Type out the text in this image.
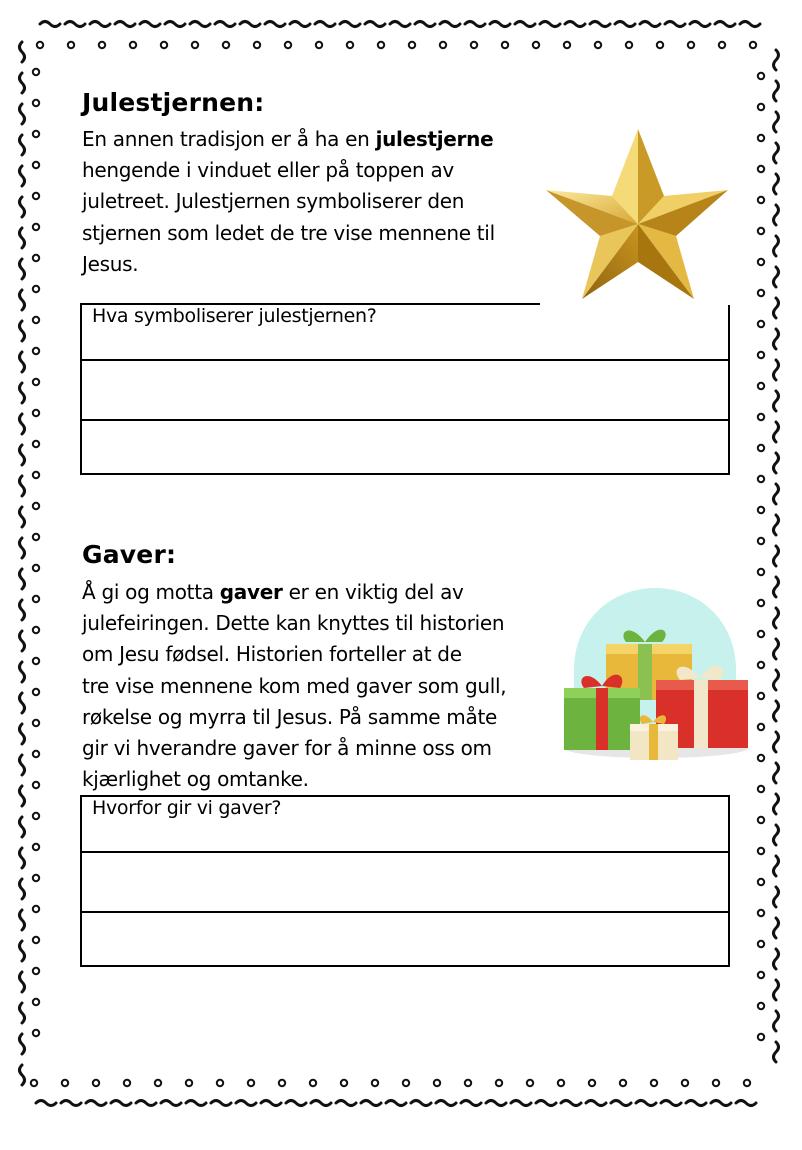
Julestjernen:
En annen tradisjon er å ha en julestjerne
hengende i vinduet eller på toppen av
juletreet. Julestjernen symboliserer den
stjernen som ledet de tre vise mennene til
Jesus.
Hva symboliserer julestjernen?

Gaver:
Å gi og motta gaver er en viktig del av
julefeiringen. Dette kan knyttes til historien
om Jesu fødsel. Historien forteller at de
tre vise mennene kom med gaver som gull,
røkelse og myrra til Jesus. På samme måte
gir vi hverandre gaver for å minne oss om
kjærlighet og omtanke.
Hvorfor gir vi gaver?
